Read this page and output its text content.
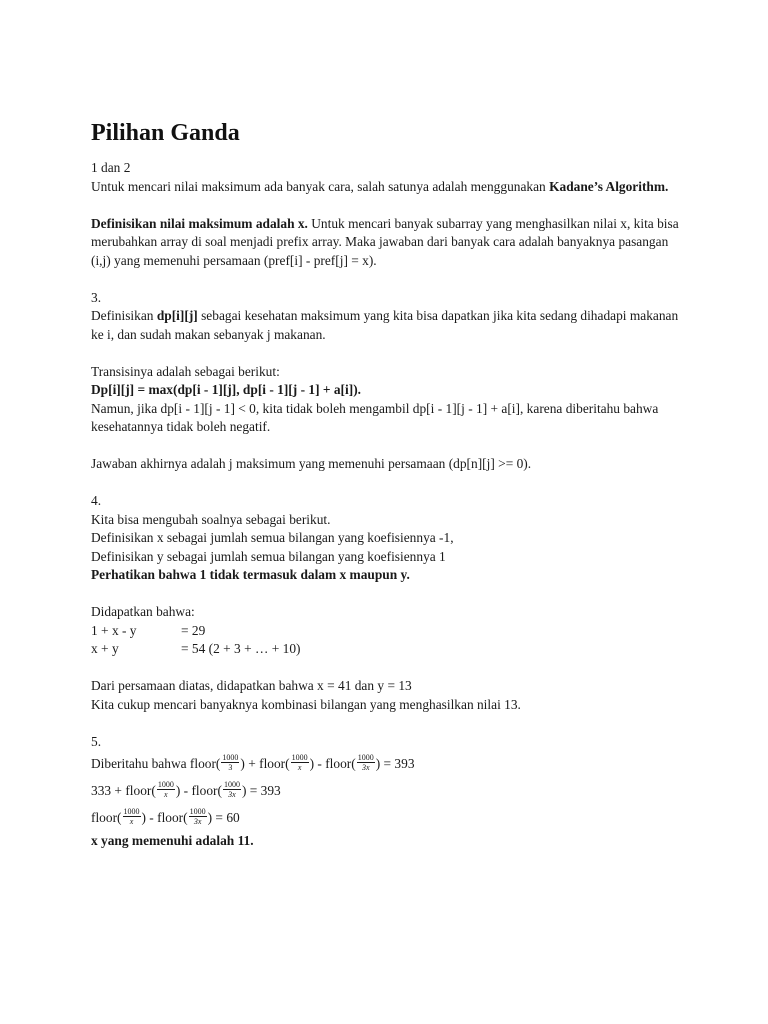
Pilihan Ganda

1 dan 2

Untuk mencari nilai maksimum ada banyak cara, salah satunya adalah menggunakan Kadane’s Algorithm.

Definisikan nilai maksimum adalah x. Untuk mencari banyak subarray yang menghasilkan nilai x, kita bisa merubahkan array di soal menjadi prefix array. Maka jawaban dari banyak cara adalah banyaknya pasangan (i,j) yang memenuhi persamaan (pref[i] - pref[j] = x).

3.

Definisikan dp[i][j] sebagai kesehatan maksimum yang kita bisa dapatkan jika kita sedang dihadapi makanan ke i, dan sudah makan sebanyak j makanan.

Transisinya adalah sebagai berikut:

Dp[i][j] = max(dp[i - 1][j], dp[i - 1][j - 1] + a[i]).

Namun, jika dp[i - 1][j - 1] < 0, kita tidak boleh mengambil dp[i - 1][j - 1] + a[i], karena diberitahu bahwa kesehatannya tidak boleh negatif.

Jawaban akhirnya adalah j maksimum yang memenuhi persamaan (dp[n][j] >= 0).

4.

Kita bisa mengubah soalnya sebagai berikut.

Definisikan x sebagai jumlah semua bilangan yang koefisiennya -1,

Definisikan y sebagai jumlah semua bilangan yang koefisiennya 1

Perhatikan bahwa 1 tidak termasuk dalam x maupun y.

Didapatkan bahwa:

1 + x - y	= 29
x + y	= 54 (2 + 3 + … + 10)

Dari persamaan diatas, didapatkan bahwa x = 41 dan y = 13

Kita cukup mencari banyaknya kombinasi bilangan yang menghasilkan nilai 13.

5.

Diberitahu bahwa floor( $\frac{1000}{3}$ ) + floor( $\frac{1000}{x}$ ) - floor( $\frac{1000}{3x}$ ) = 393
333 + floor( $\frac{1000}{x}$ ) - floor( $\frac{1000}{3x}$ ) = 393
floor( $\frac{1000}{x}$ ) - floor( $\frac{1000}{3x}$ ) = 60

x yang memenuhi adalah 11.
